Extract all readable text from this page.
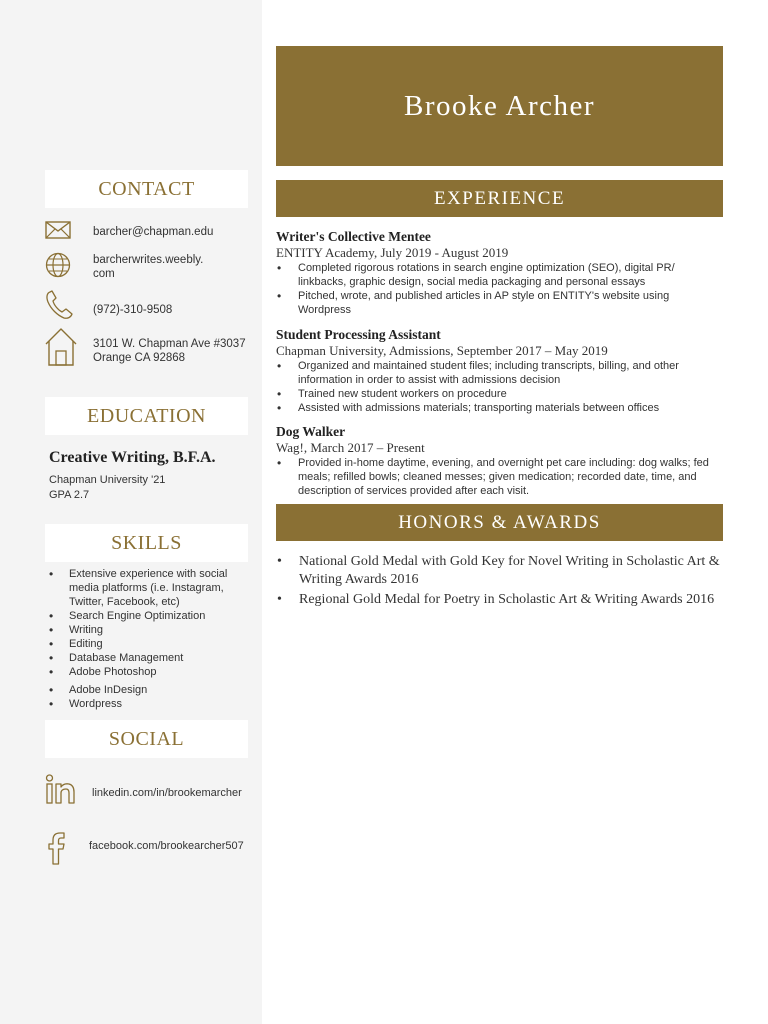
CONTACT
barcher@chapman.edu
barcherwrites.weebly.
com
(972)-310-9508
3101 W. Chapman Ave #3037
Orange CA 92868
EDUCATION
Creative Writing, B.F.A.
Chapman University '21
GPA 2.7
SKILLS
• Extensive experience with social media platforms (i.e. Instagram, Twitter, Facebook, etc)
• Search Engine Optimization
• Writing
• Editing
• Database Management
• Adobe Photoshop
• Adobe InDesign
• Wordpress
SOCIAL
linkedin.com/in/brookemarcher
facebook.com/brookearcher507
Brooke Archer
EXPERIENCE
Writer's Collective Mentee
ENTITY Academy, July 2019 - August 2019
• Completed rigorous rotations in search engine optimization (SEO), digital PR/ linkbacks, graphic design, social media packaging and personal essays
• Pitched, wrote, and published articles in AP style on ENTITY's website using Wordpress
Student Processing Assistant
Chapman University, Admissions, September 2017 – May 2019
• Organized and maintained student files; including transcripts, billing, and other information in order to assist with admissions decision
• Trained new student workers on procedure
• Assisted with admissions materials; transporting materials between offices
Dog Walker
Wag!, March 2017 – Present
• Provided in-home daytime, evening, and overnight pet care including: dog walks; fed meals; refilled bowls; cleaned messes; given medication; recorded date, time, and description of services provided after each visit.
HONORS & AWARDS
• National Gold Medal with Gold Key for Novel Writing in Scholastic Art & Writing Awards 2016
• Regional Gold Medal for Poetry in Scholastic Art & Writing Awards 2016
